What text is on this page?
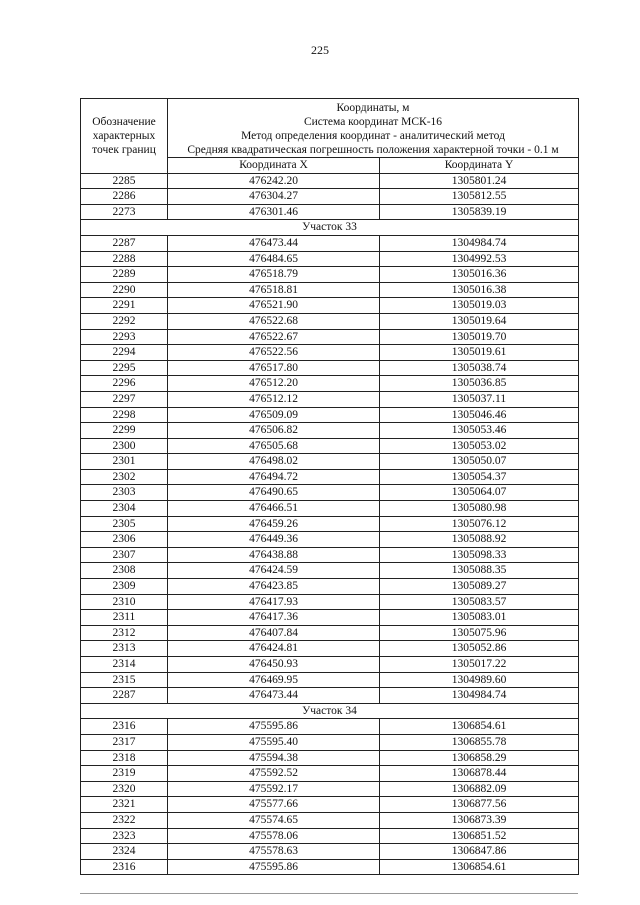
225
Обозначение характерных точек границ	Координаты, м
Система координат МСК-16
Метод определения координат - аналитический метод
Средняя квадратическая погрешность положения характерной точки - 0.1 м	

	Координата X	Координата Y
2285	476242.20	1305801.24
2286	476304.27	1305812.55
2273	476301.46	1305839.19
Участок 33		
2287	476473.44	1304984.74
2288	476484.65	1304992.53
2289	476518.79	1305016.36
2290	476518.81	1305016.38
2291	476521.90	1305019.03
2292	476522.68	1305019.64
2293	476522.67	1305019.70
2294	476522.56	1305019.61
2295	476517.80	1305038.74
2296	476512.20	1305036.85
2297	476512.12	1305037.11
2298	476509.09	1305046.46
2299	476506.82	1305053.46
2300	476505.68	1305053.02
2301	476498.02	1305050.07
2302	476494.72	1305054.37
2303	476490.65	1305064.07
2304	476466.51	1305080.98
2305	476459.26	1305076.12
2306	476449.36	1305088.92
2307	476438.88	1305098.33
2308	476424.59	1305088.35
2309	476423.85	1305089.27
2310	476417.93	1305083.57
2311	476417.36	1305083.01
2312	476407.84	1305075.96
2313	476424.81	1305052.86
2314	476450.93	1305017.22
2315	476469.95	1304989.60
2287	476473.44	1304984.74
Участок 34		
2316	475595.86	1306854.61
2317	475595.40	1306855.78
2318	475594.38	1306858.29
2319	475592.52	1306878.44
2320	475592.17	1306882.09
2321	475577.66	1306877.56
2322	475574.65	1306873.39
2323	475578.06	1306851.52
2324	475578.63	1306847.86
2316	475595.86	1306854.61
